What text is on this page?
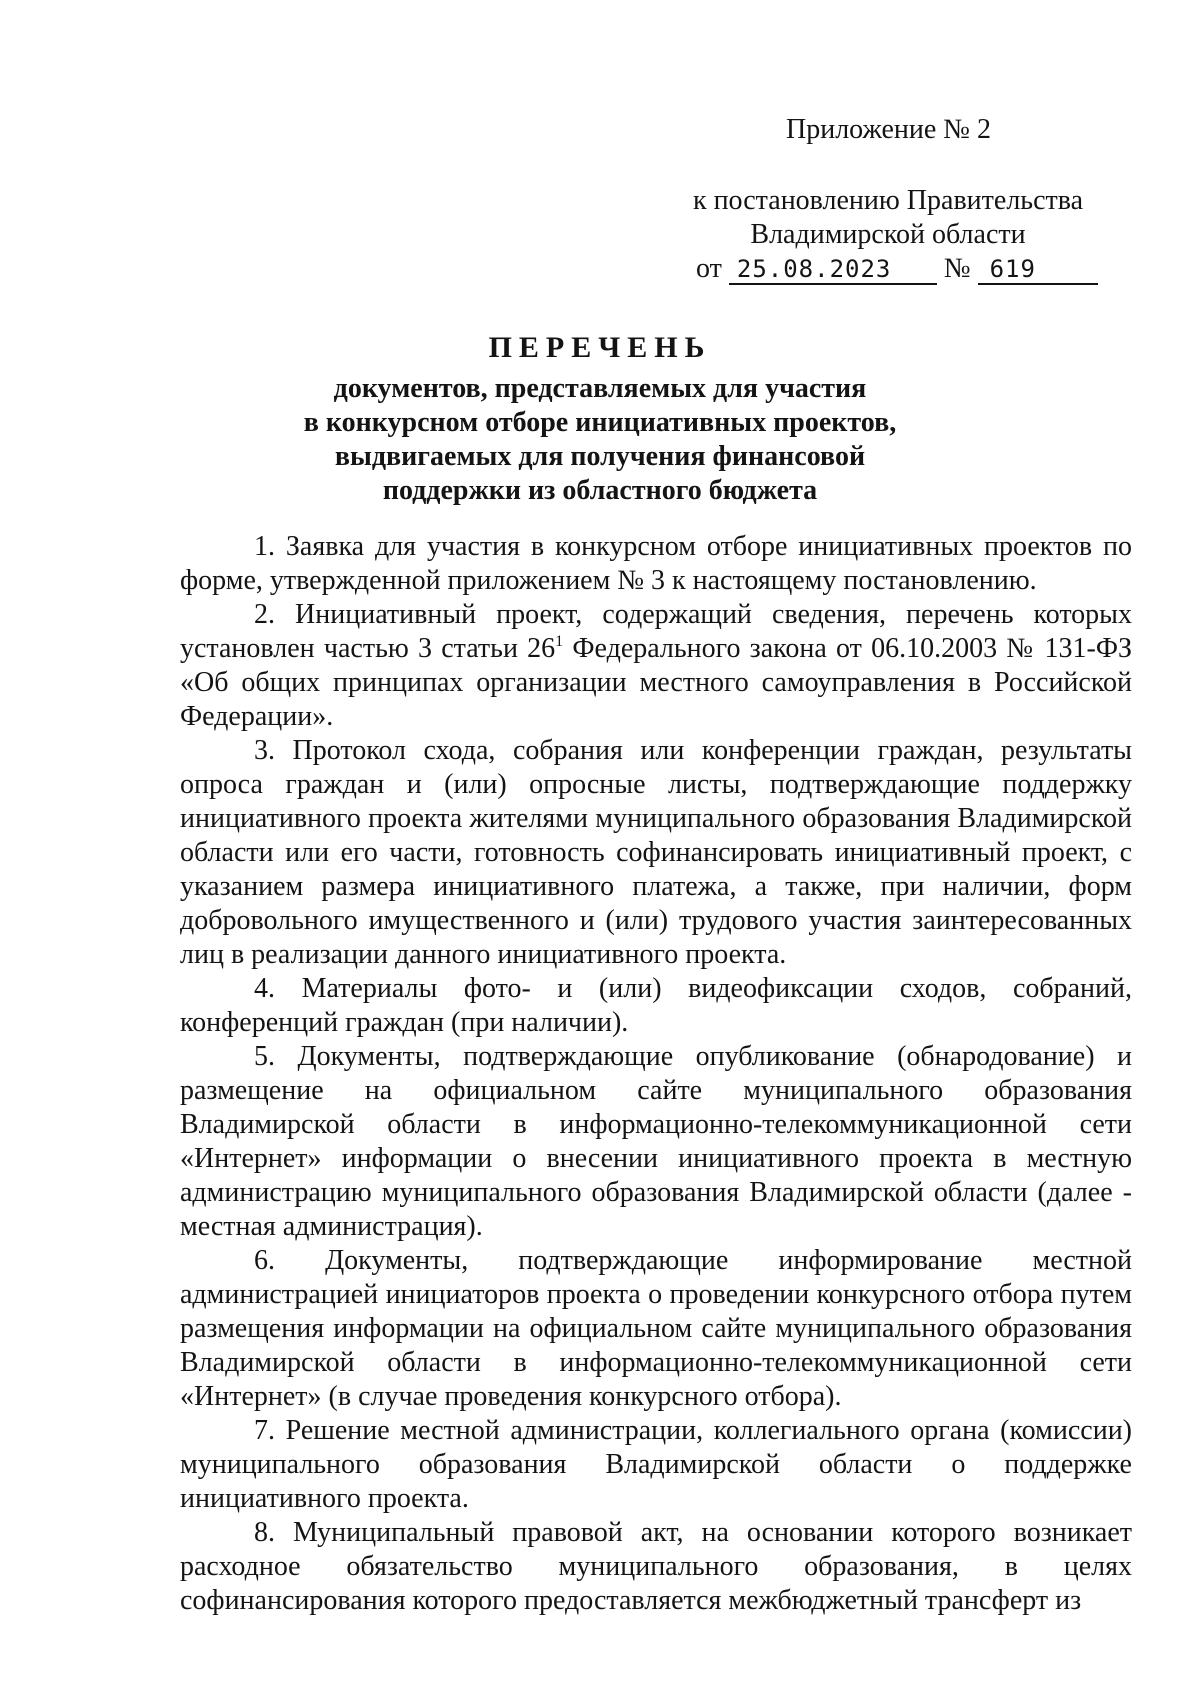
Приложение № 2
к постановлению Правительства
Владимирской области
от 25.08.2023 № 619
ПЕРЕЧЕНЬ
документов, представляемых для участия
в конкурсном отборе инициативных проектов,
выдвигаемых для получения финансовой
поддержки из областного бюджета

1. Заявка для участия в конкурсном отборе инициативных проектов по форме, утвержденной приложением № 3 к настоящему постановлению.

2. Инициативный проект, содержащий сведения, перечень которых установлен частью 3 статьи $26^1$ Федерального закона от 06.10.2003 № 131-ФЗ «Об общих принципах организации местного самоуправления в Российской Федерации».

3. Протокол схода, собрания или конференции граждан, результаты опроса граждан и (или) опросные листы, подтверждающие поддержку инициативного проекта жителями муниципального образования Владимирской области или его части, готовность софинансировать инициативный проект, с указанием размера инициативного платежа, а также, при наличии, форм добровольного имущественного и (или) трудового участия заинтересованных лиц в реализации данного инициативного проекта.

4. Материалы фото- и (или) видеофиксации сходов, собраний, конференций граждан (при наличии).

5. Документы, подтверждающие опубликование (обнародование) и размещение на официальном сайте муниципального образования Владимирской области в информационно-телекоммуникационной сети «Интернет» информации о внесении инициативного проекта в местную администрацию муниципального образования Владимирской области (далее - местная администрация).

6. Документы, подтверждающие информирование местной администрацией инициаторов проекта о проведении конкурсного отбора путем размещения информации на официальном сайте муниципального образования Владимирской области в информационно-телекоммуникационной сети «Интернет» (в случае проведения конкурсного отбора).

7. Решение местной администрации, коллегиального органа (комиссии) муниципального образования Владимирской области о поддержке инициативного проекта.

8. Муниципальный правовой акт, на основании которого возникает расходное обязательство муниципального образования, в целях софинансирования которого предоставляется межбюджетный трансферт из
